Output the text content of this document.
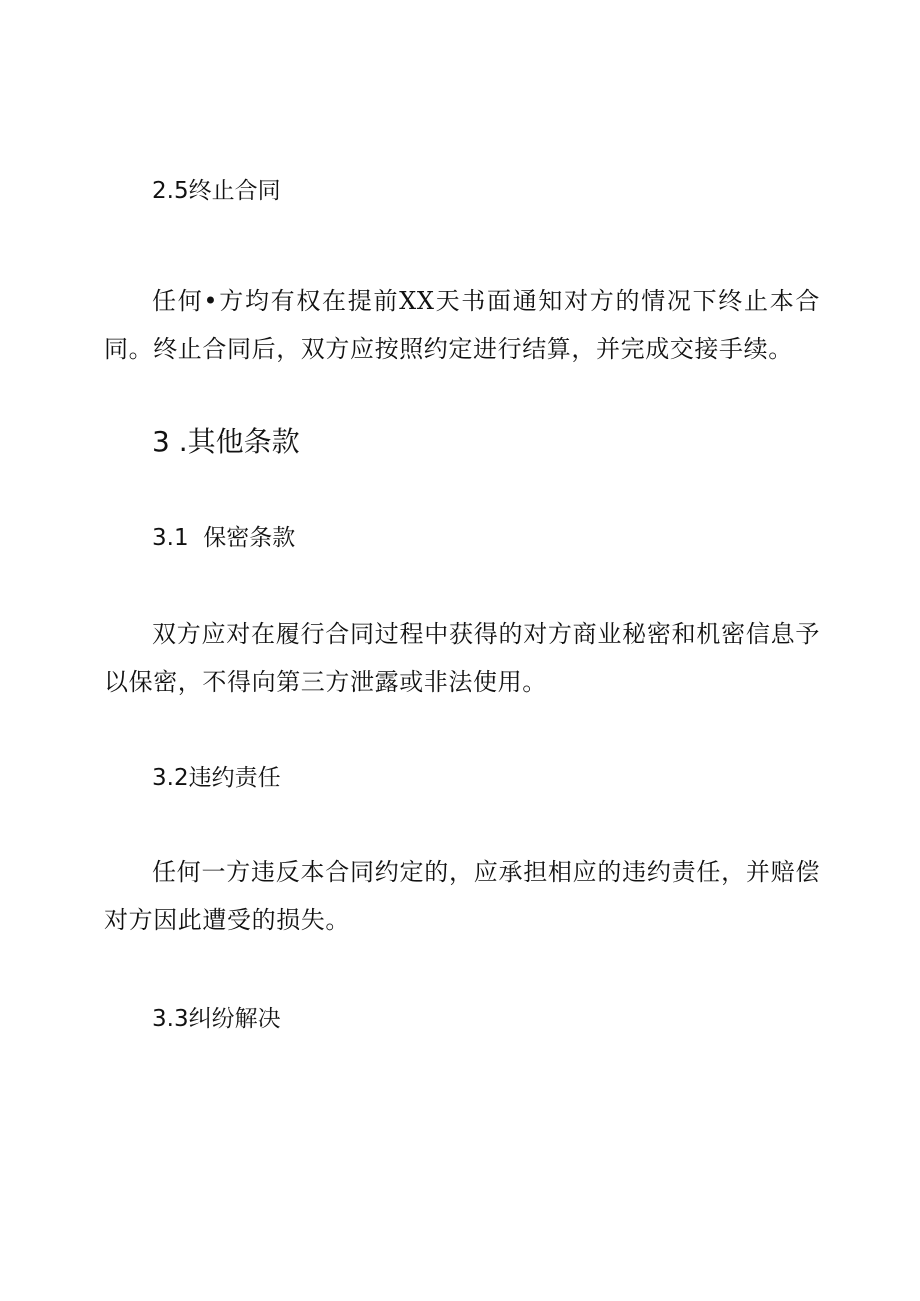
2.5终止合同

任何•方均有权在提前XX天书面通知对方的情况下终止本合同。终止合同后，双方应按照约定进行结算，并完成交接手续。

3 .其他条款
3.1  保密条款

双方应对在履行合同过程中获得的对方商业秘密和机密信息予以保密，不得向第三方泄露或非法使用。

3.2违约责任

任何一方违反本合同约定的，应承担相应的违约责任，并赔偿对方因此遭受的损失。

3.3纠纷解决
